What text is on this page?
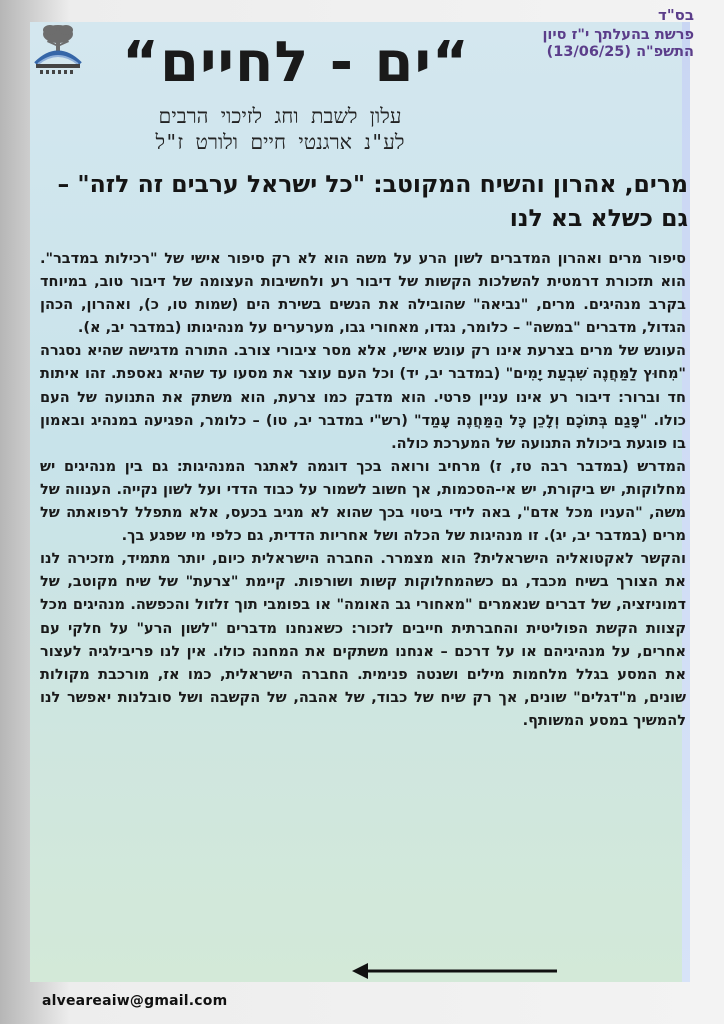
בס"ד
פרשת בהעלתך י"ז סיון
התשפ"ה (13/06/25)
“ים - לחיים“
עלון לשבת וחג לזיכוי הרבים
לע"נ ארגנטי חיים ולורט ז"ל
מרים, אהרון והשיח המקוטב: "כל ישראל ערבים זה לזה" – גם כשלא בא לנו

סיפור מרים ואהרון המדברים לשון הרע על משה הוא לא רק סיפור אישי של "רכילות במדבר". הוא תזכורת דרמטית להשלכות הקשות של דיבור רע ולחשיבות העצומה של דיבור טוב, במיוחד בקרב מנהיגים. מרים, "נביאה" שהובילה את הנשים בשירת הים (שמות טו, כ), ואהרון, הכהן הגדול, מדברים "במשה" – כלומר, נגדו, מאחורי גבו, מערערים על מנהיגותו (במדבר יב, א).

העונש של מרים בצרעת אינו רק עונש אישי, אלא מסר ציבורי צורב. התורה מדגישה שהיא נסגרה "מִחוּץ לַמַּחֲנֶה שִׁבְעַת יָמִים" (במדבר יב, יד) וכל העם עוצר את מסעו עד שהיא נאספת. זהו איתות חד וברור: דיבור רע אינו עניין פרטי. הוא מדבק כמו צרעת, הוא משתק את התנועה של העם כולו. "פָּגַם בְּתוֹכָם וְלָכֵן כָּל הַמַּחֲנֶה עָמַד" (רש"י במדבר יב, טו) – כלומר, הפגיעה במנהיג ובאמון בו פוגעת ביכולת התנועה של המערכת כולה.

המדרש (במדבר רבה טז, ז) מרחיב ורואה בכך דוגמה לאתגר המנהיגות: גם בין מנהיגים יש מחלוקות, יש ביקורת, יש אי-הסכמות, אך חשוב לשמור על כבוד הדדי ועל לשון נקייה. הענווה של משה, "העניו מכל אדם", באה לידי ביטוי בכך שהוא לא מגיב בכעס, אלא מתפלל לרפואתה של מרים (במדבר יב, יג). זו מנהיגות של הכלה ושל אחריות הדדית, גם כלפי מי שפגע בך.

והקשר לאקטואליה הישראלית? הוא מצמרר. החברה הישראלית כיום, יותר מתמיד, מזכירה לנו את הצורך בשיח מכבד, גם כשהמחלוקות קשות ושורפות. קיימת "צרעת" של שיח מקוטב, של דמוניזציה, של דברים שנאמרים "מאחורי גב האומה" או בפומבי תוך זלזול והכפשה. מנהיגים מכל קצוות הקשת הפוליטית והחברתית חייבים לזכור: כשאנחנו מדברים "לשון הרע" על חלקי עם אחרים, על מנהיגיהם או על דרכם – אנחנו משתקים את המחנה כולו. אין לנו פריבילגיה לעצור את המסע בגלל מלחמות מילים ושנטה פנימית. החברה הישראלית, כמו אז, מורכבת מקולות שונים, מ"דגלים" שונים, אך רק שיח של כבוד, של אהבה, של הקשבה ושל סובלנות יאפשר לנו להמשיך במסע המשותף.

alveareaiw@gmail.com
